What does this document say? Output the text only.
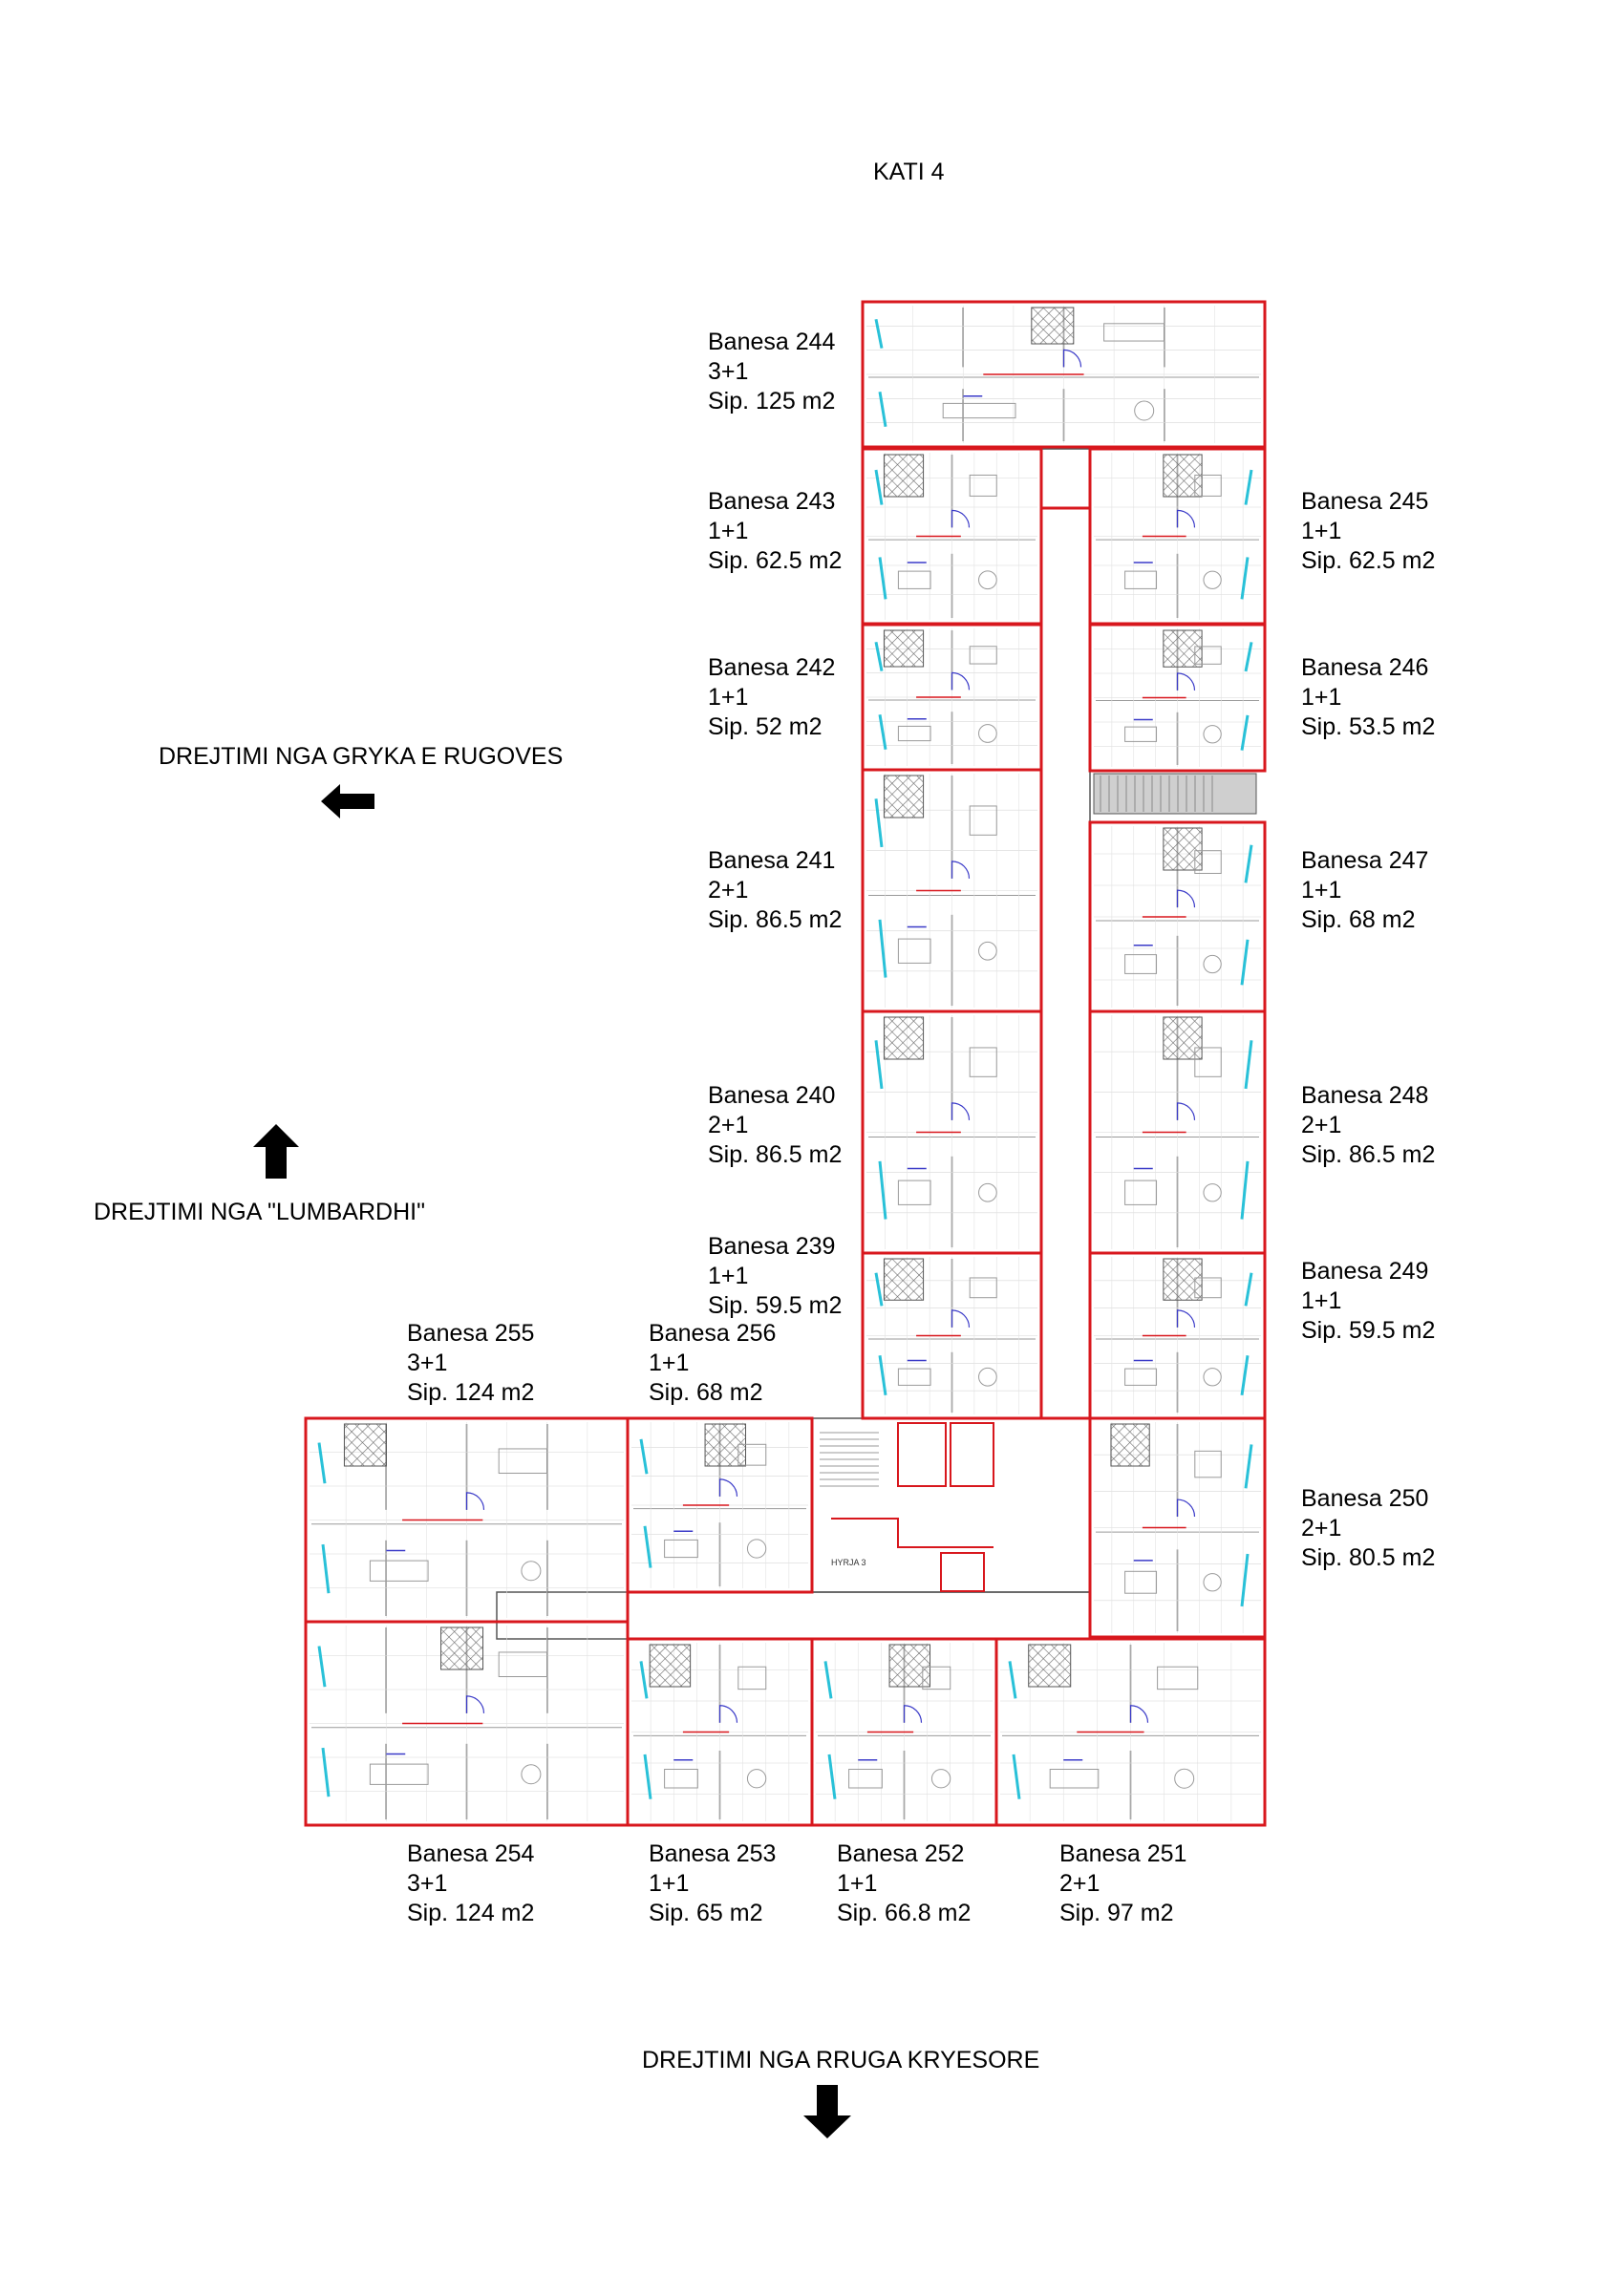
KATI 4
DREJTIMI NGA GRYKA E RUGOVES
DREJTIMI NGA "LUMBARDHI"
DREJTIMI NGA RRUGA KRYESORE
Banesa 244
3+1
Sip. 125 m2
Banesa 243
1+1
Sip. 62.5 m2
Banesa 245
1+1
Sip. 62.5 m2
Banesa 242
1+1
Sip. 52 m2
Banesa 246
1+1
Sip. 53.5 m2
Banesa 241
2+1
Sip. 86.5 m2
Banesa 247
1+1
Sip. 68 m2
Banesa 240
2+1
Sip. 86.5 m2
Banesa 248
2+1
Sip. 86.5 m2
Banesa 239
1+1
Sip. 59.5 m2
Banesa 249
1+1
Sip. 59.5 m2
Banesa 255
3+1
Sip. 124 m2
Banesa 256
1+1
Sip. 68 m2
Banesa 250
2+1
Sip. 80.5 m2
Banesa 254
3+1
Sip. 124 m2
Banesa 253
1+1
Sip. 65 m2
Banesa 252
1+1
Sip. 66.8 m2
Banesa 251
2+1
Sip. 97 m2
HYRJA 3
